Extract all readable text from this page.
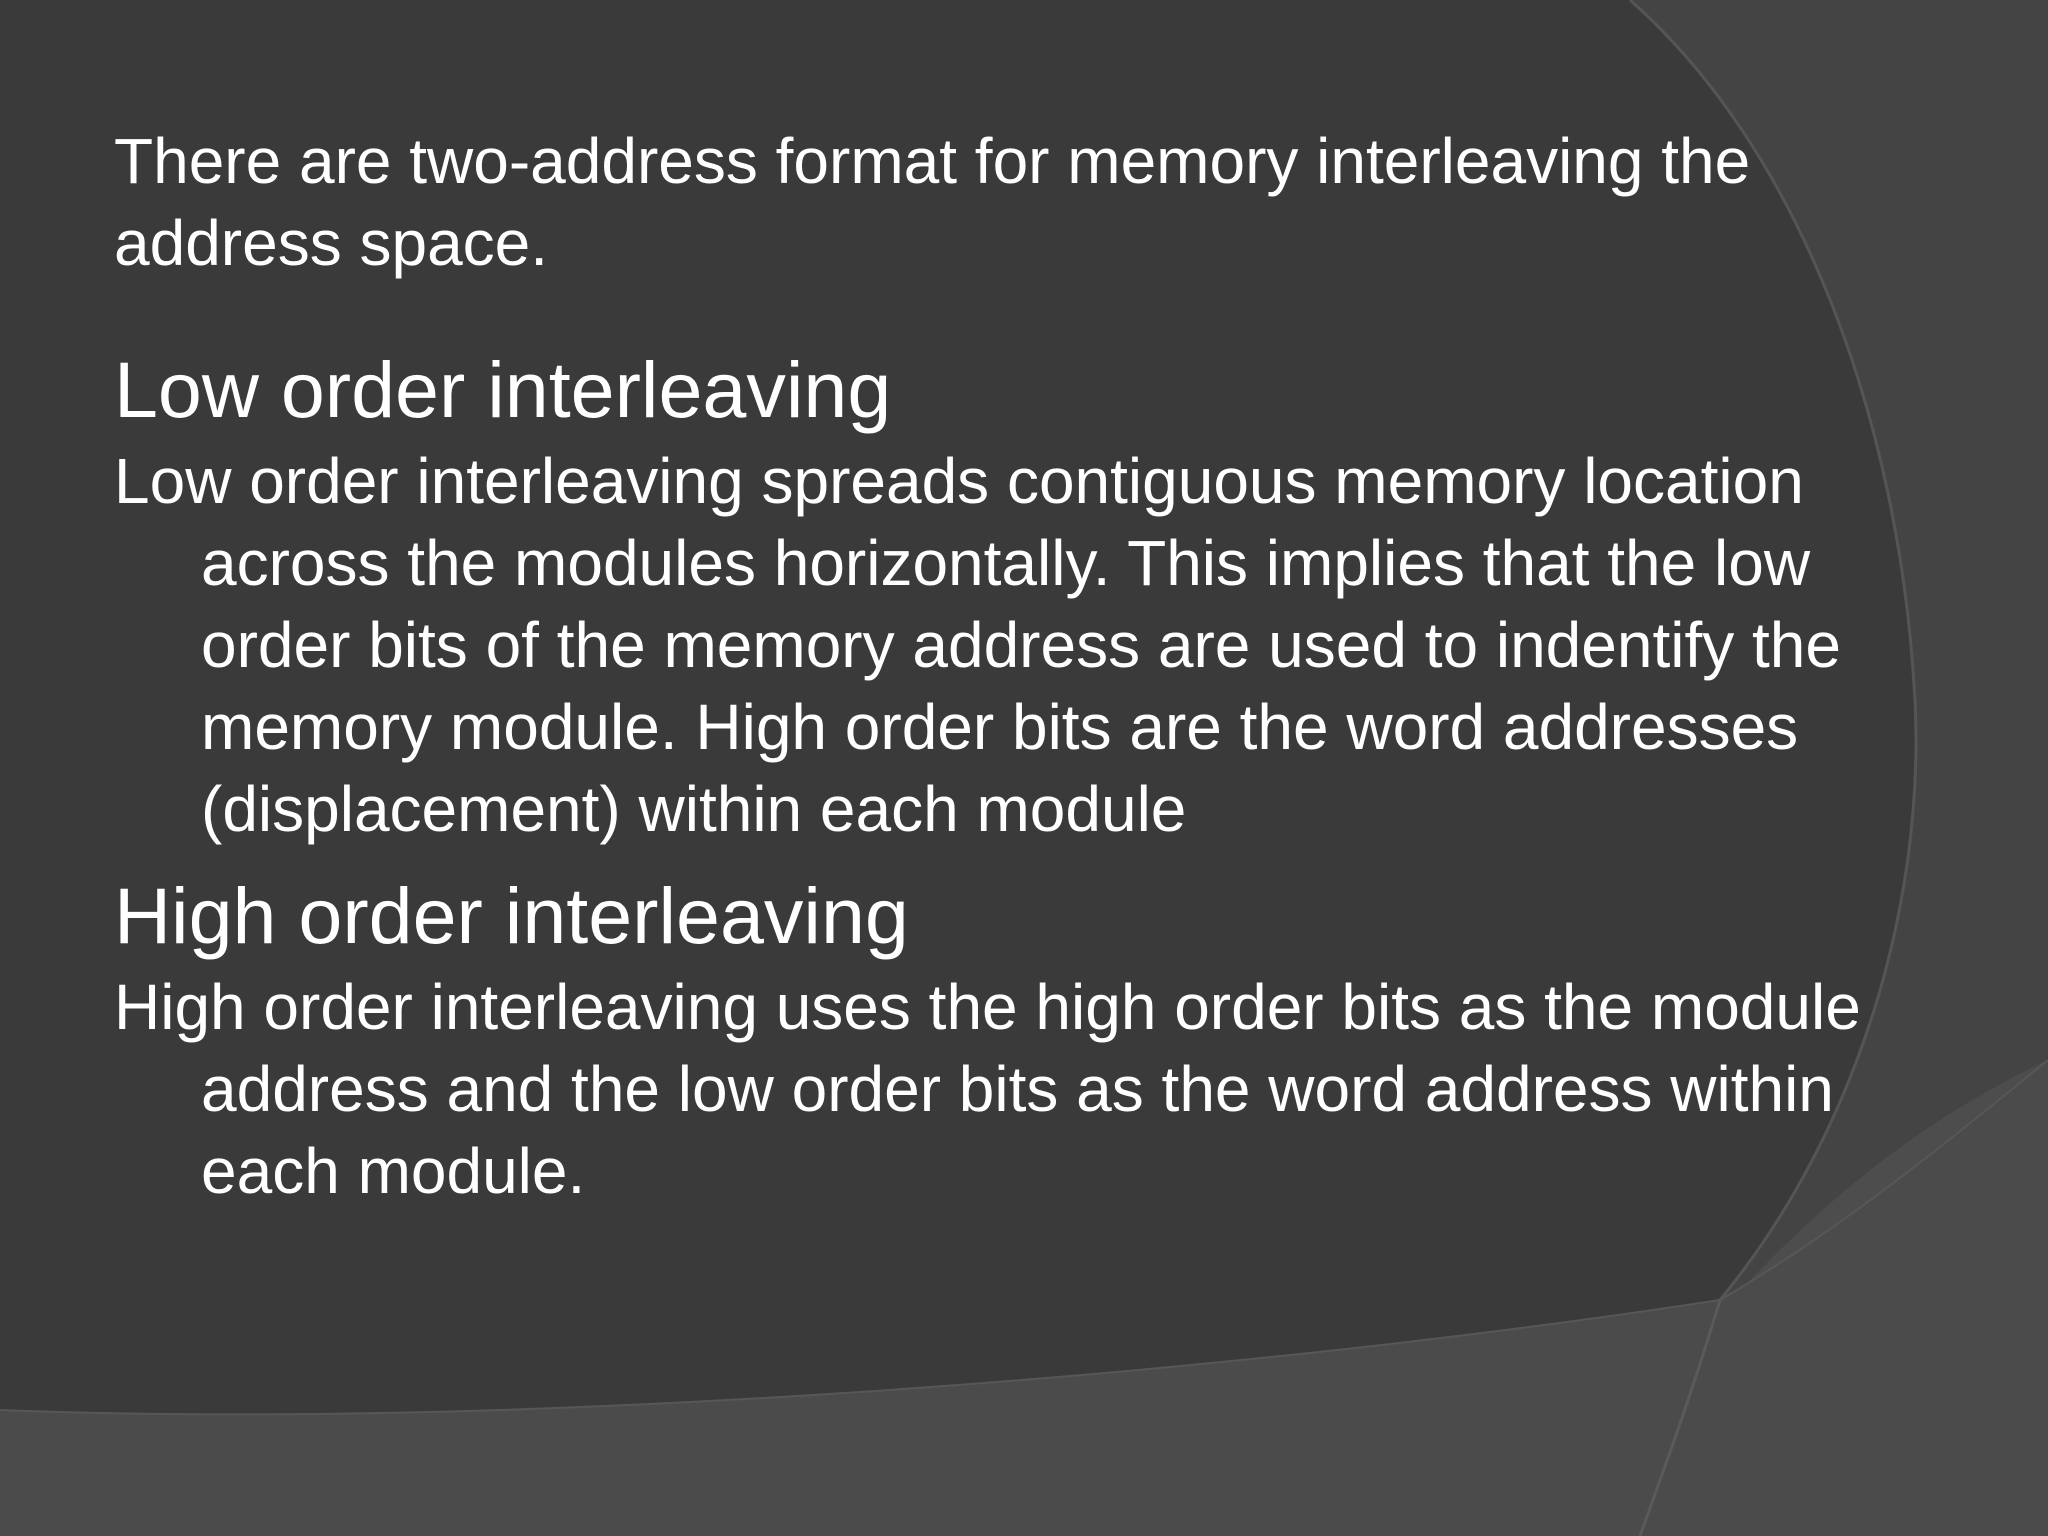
There are two-address format for memory interleaving the address space.

Low order interleaving

Low order interleaving spreads contiguous memory location across the modules horizontally. This implies that the low order bits of the memory address are used to indentify the memory module. High order bits are the word addresses (displacement) within each module

High order interleaving

High order interleaving uses the high order bits as the module address and the low order bits as the word address within each module.
